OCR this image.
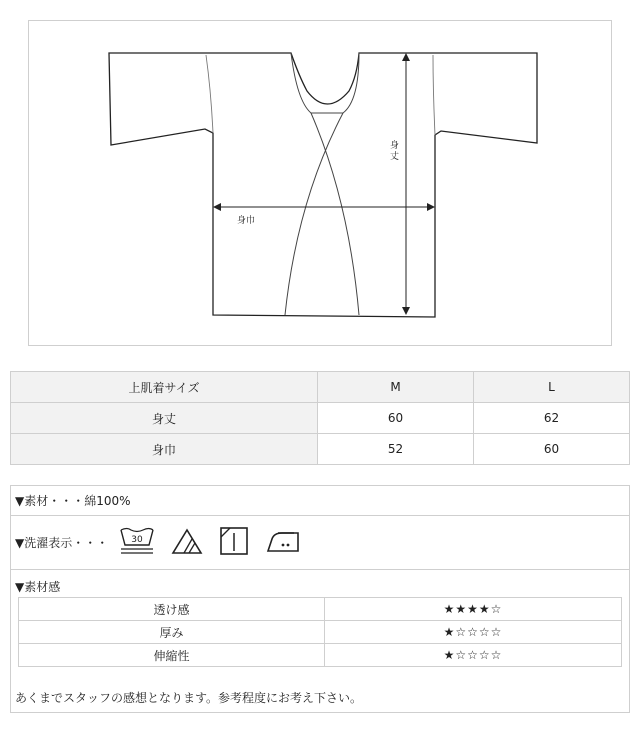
身丈
身巾
上肌着サイズ	M	L
身丈	60	62
身巾	52	60
▼素材・・・綿100%
▼洗濯表示・・・	30
▼素材感
透け感	★★★★☆
厚み	★☆☆☆☆
伸縮性	★☆☆☆☆
あくまでスタッフの感想となります。参考程度にお考え下さい。
